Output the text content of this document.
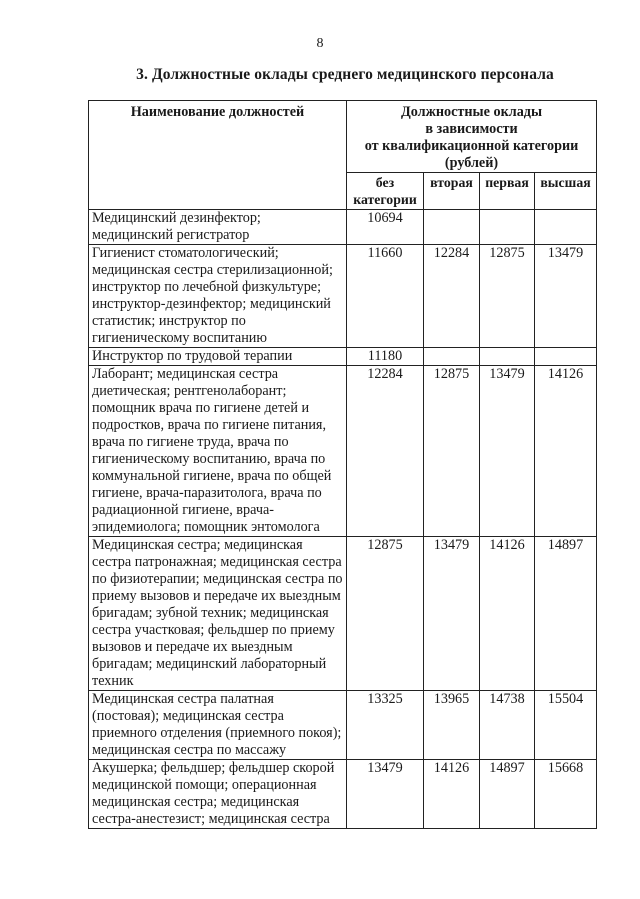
8
3. Должностные оклады среднего медицинского персонала
Наименование должностей	Должностные оклады
в зависимости
от квалификационной категории
(рублей)			

	без категории	вторая	первая	высшая
Медицинский дезинфектор; медицинский регистратор	10694			
Гигиенист стоматологический; медицинская сестра стерилизационной; инструктор по лечебной физкультуре; инструктор-дезинфектор; медицинский статистик; инструктор по гигиеническому воспитанию	11660	12284	12875	13479
Инструктор по трудовой терапии	11180			
Лаборант; медицинская сестра диетическая; рентгенолаборант; помощник врача по гигиене детей и подростков, врача по гигиене питания, врача по гигиене труда, врача по гигиеническому воспитанию, врача по коммунальной гигиене, врача по общей гигиене, врача-паразитолога, врача по радиационной гигиене, врача-эпидемиолога; помощник энтомолога	12284	12875	13479	14126
Медицинская сестра; медицинская сестра патронажная; медицинская сестра по физиотерапии; медицинская сестра по приему вызовов и передаче их выездным бригадам; зубной техник; медицинская сестра участковая; фельдшер по приему вызовов и передаче их выездным бригадам; медицинский лабораторный техник	12875	13479	14126	14897
Медицинская сестра палатная (постовая); медицинская сестра приемного отделения (приемного покоя); медицинская сестра по массажу	13325	13965	14738	15504
Акушерка; фельдшер; фельдшер скорой медицинской помощи; операционная медицинская сестра; медицинская сестра-анестезист; медицинская сестра	13479	14126	14897	15668
